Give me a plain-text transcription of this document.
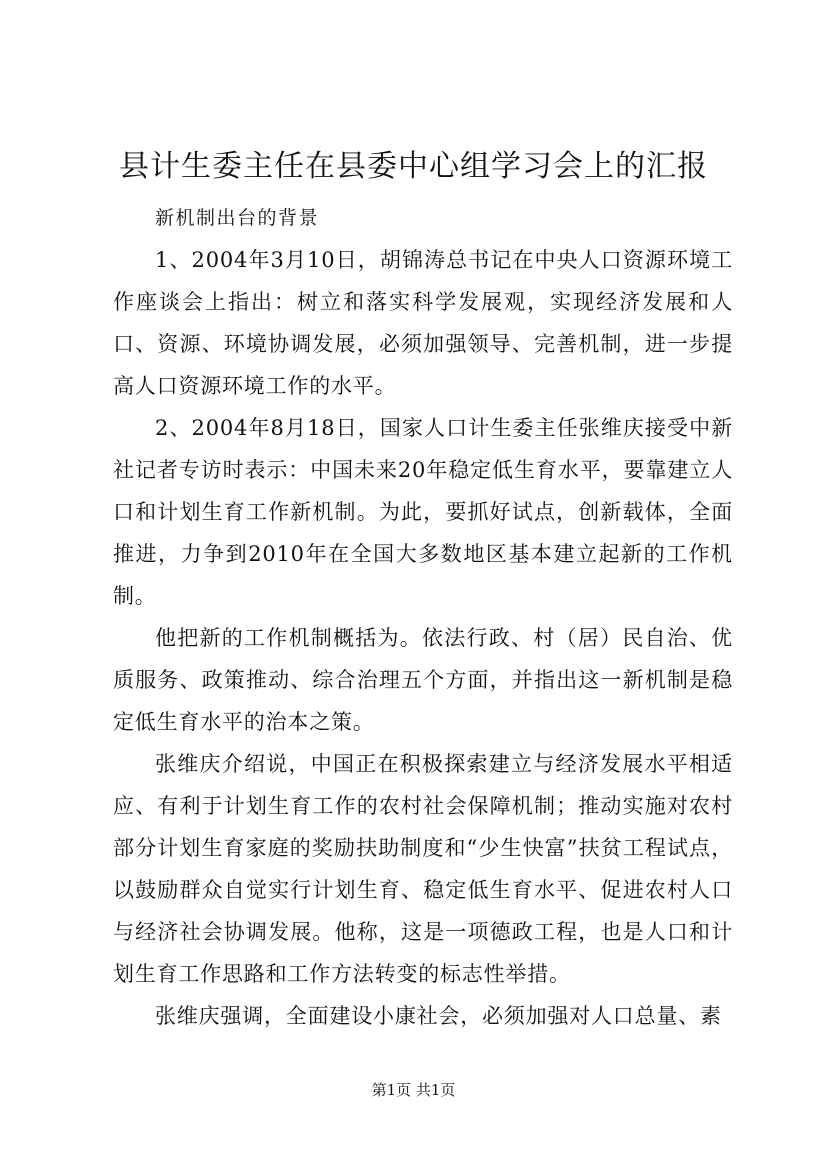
县计生委主任在县委中心组学习会上的汇报

新机制出台的背景

1、2004年3月10日，胡锦涛总书记在中央人口资源环境工作座谈会上指出：树立和落实科学发展观，实现经济发展和人口、资源、环境协调发展，必须加强领导、完善机制，进一步提高人口资源环境工作的水平。

2、2004年8月18日，国家人口计生委主任张维庆接受中新社记者专访时表示：中国未来20年稳定低生育水平，要靠建立人口和计划生育工作新机制。为此，要抓好试点，创新载体，全面推进，力争到2010年在全国大多数地区基本建立起新的工作机制。

他把新的工作机制概括为。依法行政、村（居）民自治、优质服务、政策推动、综合治理五个方面，并指出这一新机制是稳定低生育水平的治本之策。

张维庆介绍说，中国正在积极探索建立与经济发展水平相适应、有利于计划生育工作的农村社会保障机制；推动实施对农村部分计划生育家庭的奖励扶助制度和“少生快富”扶贫工程试点，以鼓励群众自觉实行计划生育、稳定低生育水平、促进农村人口与经济社会协调发展。他称，这是一项德政工程，也是人口和计划生育工作思路和工作方法转变的标志性举措。

张维庆强调，全面建设小康社会，必须加强对人口总量、素

第1页 共1页
